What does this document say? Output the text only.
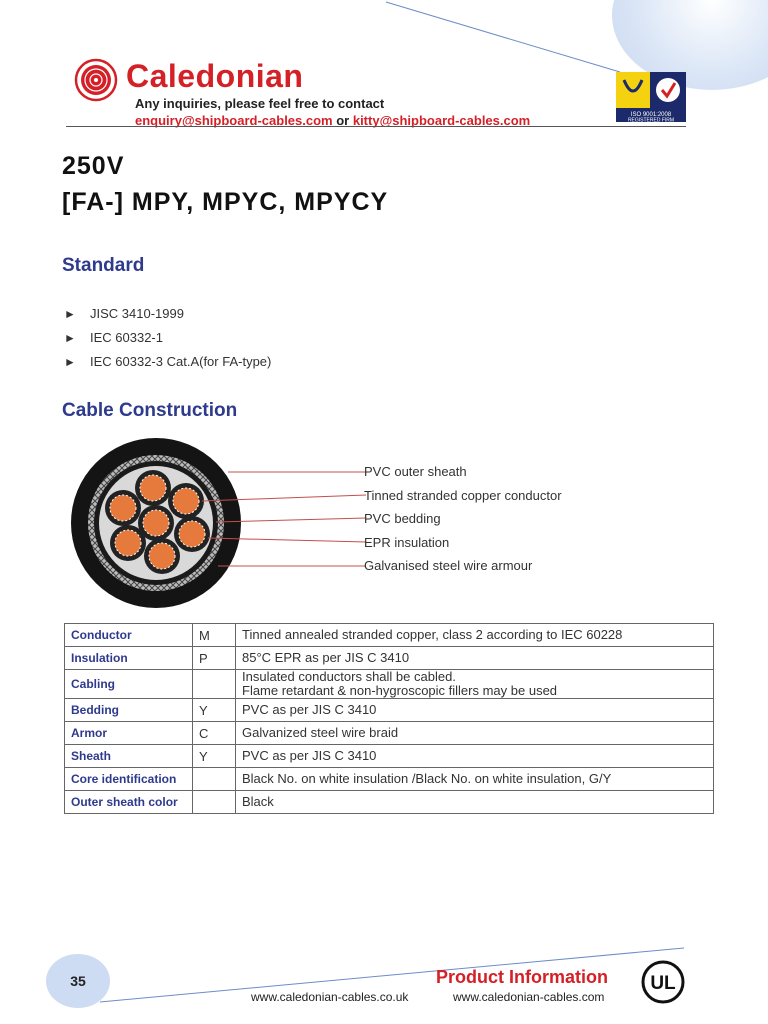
Caledonian
Any inquiries, please feel free to contact
enquiry@shipboard-cables.com or kitty@shipboard-cables.com	ISO 9001:2008
REGISTERED FIRM
250V
[FA-] MPY, MPYC, MPYCY
Standard
► JISC 3410-1999
► IEC 60332-1
► IEC 60332-3 Cat.A(for FA-type)
Cable Construction
PVC outer sheath
Tinned stranded copper conductor
PVC bedding
EPR insulation
Galvanised steel wire armour
Conductor	M	Tinned annealed stranded copper, class 2 according to IEC 60228
Insulation	P	85°C EPR as per JIS C 3410
Cabling		Insulated conductors shall be cabled.
Flame retardant & non-hygroscopic fillers may be used

Bedding	Y	PVC as per JIS C 3410
Armor	C	Galvanized steel wire braid
Sheath	Y	PVC as per JIS C 3410
Core identification		Black No. on white insulation /Black No. on white insulation, G/Y
Outer sheath color		Black
35	Product Information
www.caledonian-cables.co.uk	www.caledonian-cables.com
UL
